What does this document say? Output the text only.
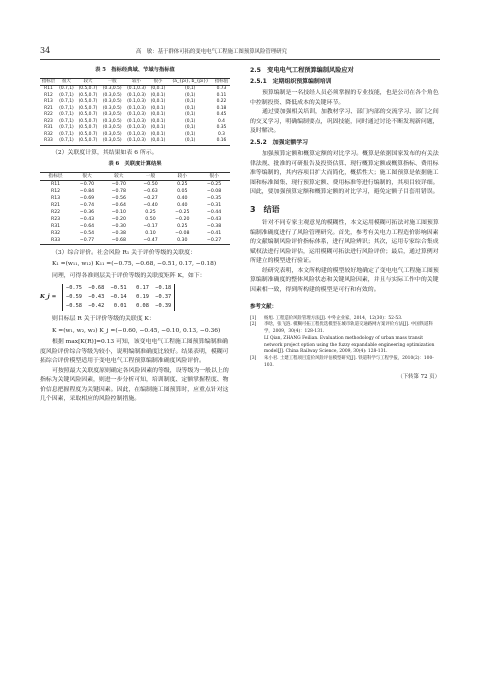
34	高　敏：基于群体可拓的变电电气工程施工图预算风险管理研究
表 5　指标经典域、节域与指标值
指标层	很大	较大	一般	较小	很小	(a_{pi}, b_{pi})	指标值
R11	(0.7,1)	(0.5,0.7)	(0.3,0.5)	(0.1,0.3)	(0,0.1)	(0,1)	0.73
R12	(0.7,1)	(0.5,0.7)	(0.3,0.5)	(0.1,0.3)	(0,0.1)	(0,1)	0.11
R13	(0.7,1)	(0.5,0.7)	(0.3,0.5)	(0.1,0.3)	(0,0.1)	(0,1)	0.22
R21	(0.7,1)	(0.5,0.7)	(0.3,0.5)	(0.1,0.3)	(0,0.1)	(0,1)	0.18
R22	(0.7,1)	(0.5,0.7)	(0.3,0.5)	(0.1,0.3)	(0,0.1)	(0,1)	0.45
R23	(0.7,1)	(0.5,0.7)	(0.3,0.5)	(0.1,0.3)	(0,0.1)	(0,1)	0.4
R31	(0.7,1)	(0.5,0.7)	(0.3,0.5)	(0.1,0.3)	(0,0.1)	(0,1)	0.35
R32	(0.7,1)	(0.5,0.7)	(0.3,0.5)	(0.1,0.3)	(0,0.1)	(0,1)	0.3
R33	(0.7,1)	(0.5,0.7)	(0.3,0.5)	(0.1,0.3)	(0,0.1)	(0,1)	0.16

（2）关联度计算，其结果如表 6 所示。

表 6　关联度计算结果
指标层	很大	较大	一般	较小	很小
R11	−0.70	−0.70	−0.50	0.25	−0.25
R12	−0.84	−0.78	−0.63	0.05	−0.08
R13	−0.69	−0.56	−0.27	0.40	−0.35
R21	−0.74	−0.64	−0.40	0.40	−0.31
R22	−0.36	−0.10	0.25	−0.25	−0.44
R23	−0.43	−0.20	0.50	−0.20	−0.43
R31	−0.64	−0.30	−0.17	0.25	−0.38
R32	−0.54	−0.38	0.10	−0.08	−0.41
R33	−0.77	−0.68	−0.47	0.30	−0.27

（3）综合评价。社会风险 R₁ 关于评价等级的关联度：

K₁ =(w₁₁, w₁₂) K₁₁ =(−0.75, −0.68, −0.51, 0.17, −0.18)

同理，可得各准则层关于评价等级的关联度矩阵 K，如下：

K_j =
−0.75  −0.68  −0.51   0.17  −0.18
−0.59  −0.43  −0.14   0.19  −0.37
−0.58  −0.42   0.01   0.08  −0.39

则目标层 R 关于评价等级的关联度 K：

K =(w₁, w₂, w₃) K_j =(−0.60, −0.45, −0.10, 0.13, −0.36)

根据 max[K(R)]=0.13 可知，该变电电气工程施工图预算编制准确度风险评价综合等级为较小，说明编制准确度比较好。结果表明，模糊可拓综合评价模型适用于变电电气工程预算编制准确度风险评价。

可按照最大关联度原则确定各风险因素的等级，设等级为一般以上的指标为关键风险因素，则进一步分析可知，培训制度、定额掌握程度、物价信息把握程度为关键因素。因此，在编制施工图预算时，应重点针对这几个因素，采取相应的风险控制措施。

2.5　变电电气工程预算编制风险应对
2.5.1　定期组织预算编制培训

预算编制是一名技经人员必须掌握的专业技能，也是公司在各个角色中控制投资、降低成本的关键环节。

通过要加强相关培训，加教材学习、部门内部的交流学习、部门之间的交叉学习，明确编制要点，巩固技能，同时通过讨论不断发现新问题，及时解决。

2.5.2　加强定额学习

加强预算定额和概算定额的对比学习。概算是依据国家发布的有关法律法规、批准的可研报告及投资估算、现行概算定额或概算指标、费用标准等编制的，其内容项目扩大而简化，概括性大；施工图预算是依据施工图和标准图集、现行预算定额、费用标准等进行编制的，其项目较详细。因此，要加强预算定额和概算定额的对比学习，避免定额子目套用错误。

3　结语

针对不同专家主观意见的模糊性，本文运用模糊可拓法对施工图预算编制准确度进行了风险管理研究。首先，参考有关电力工程造价影响因素的文献编制风险评价指标体系，进行风险辨识；其次，运用专家综合集成赋权法进行风险评估，运用模糊可拓法进行风险评价；最后，通过算例对所建立的模型进行验证。

经研究表明，本文所构建的模型较好地确定了变电电气工程施工图预算编制准确度的整体风险状态和关键风险因素，并且与实际工作中的关键因素相一致，得到所构建的模型是可行和有效的。

参考文献：
[1]	杨旭. 工程造价风险管理方法[J]. 中外企业家，2014，12(30)：52-53.
[2]	李晗，张飞涟. 模糊可拓工程优选模型在城市轨道交通路网方案评价方法[J]. 中国铁道科学，2009，30(4)：128-131.
LI Qian, ZHANG Feilian. Evaluation methodology of urban mass transit network project option using the fuzzy expandable engineering optimization model[J]. China Railway Science, 2009, 30(4): 128-131.
[3]	朱小君. 土建工程项目造价风险评估模型研究[J]. 铁道科学与工程学报，2010(2)：100-103.
（下转第 72 页）
